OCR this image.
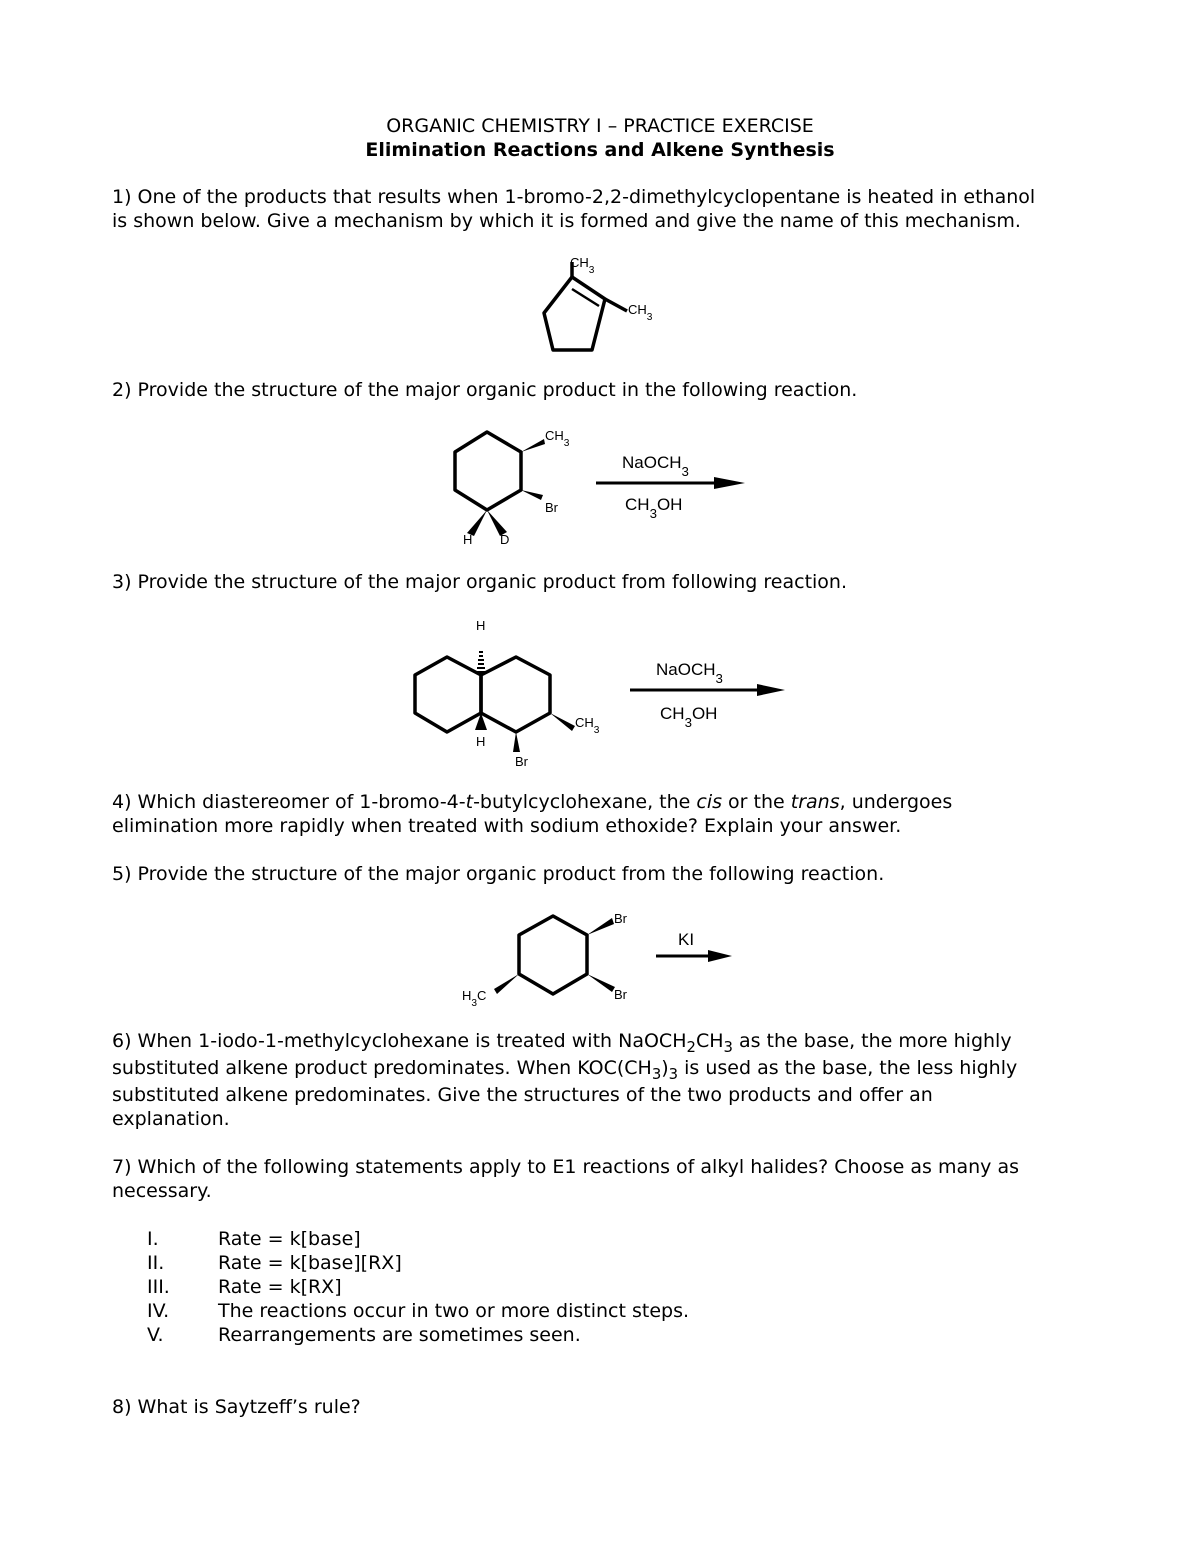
ORGANIC CHEMISTRY I – PRACTICE EXERCISE
Elimination Reactions and Alkene Synthesis
1) One of the products that results when 1-bromo-2,2-dimethylcyclopentane is heated in ethanol
is shown below. Give a mechanism by which it is formed and give the name of this mechanism.
$CH_3$
$CH_3$
2) Provide the structure of the major organic product in the following reaction.
$CH_3$
Br
H D
NaOCH$_3$
$CH_3OH$
3) Provide the structure of the major organic product from following reaction.
H
H
Br
$CH_3$
NaOCH$_3$
$CH_3OH$
4) Which diastereomer of 1-bromo-4-t-butylcyclohexane, the cis or the trans, undergoes
elimination more rapidly when treated with sodium ethoxide? Explain your answer.
5) Provide the structure of the major organic product from the following reaction.
Br
Br
$H_3C$
KI
6) When 1-iodo-1-methylcyclohexane is treated with $NaOCH_2CH_3$ as the base, the more highly
substituted alkene product predominates. When $KOC(CH_3)_3$ is used as the base, the less highly
substituted alkene predominates. Give the structures of the two products and offer an
explanation.
7) Which of the following statements apply to E1 reactions of alkyl halides? Choose as many as
necessary.
I.	Rate = k[base]
II.	Rate = k[base][RX]
III.	Rate = k[RX]
IV.	The reactions occur in two or more distinct steps.
V.	Rearrangements are sometimes seen.
8) What is Saytzeff’s rule?
